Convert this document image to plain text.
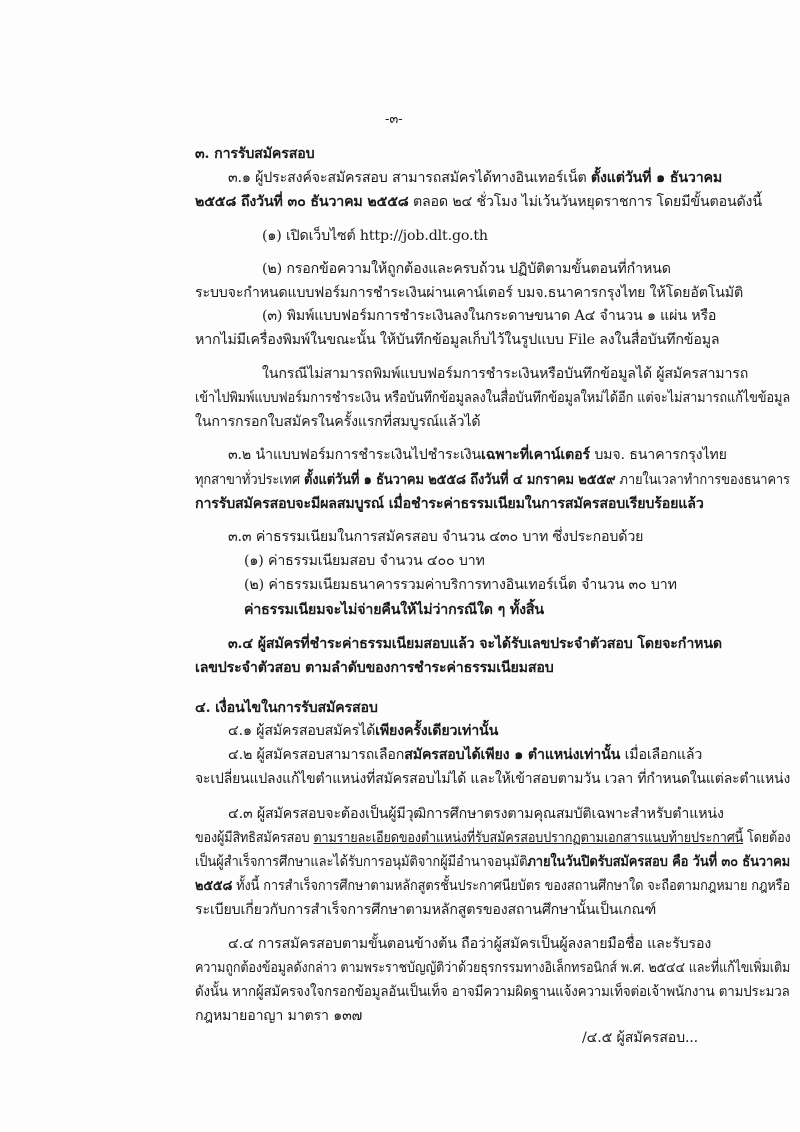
-๓-
๓. การรับสมัครสอบ
๓.๑ ผู้ประสงค์จะสมัครสอบ สามารถสมัครได้ทางอินเทอร์เน็ต ตั้งแต่วันที่ ๑ ธันวาคม
๒๕๕๘ ถึงวันที่ ๓๐ ธันวาคม ๒๕๕๘ ตลอด ๒๔ ชั่วโมง ไม่เว้นวันหยุดราชการ โดยมีขั้นตอนดังนี้
(๑) เปิดเว็บไซต์ http://job.dlt.go.th
(๒) กรอกข้อความให้ถูกต้องและครบถ้วน ปฏิบัติตามขั้นตอนที่กำหนด
ระบบจะกำหนดแบบฟอร์มการชำระเงินผ่านเคาน์เตอร์ บมจ.ธนาคารกรุงไทย ให้โดยอัตโนมัติ
(๓) พิมพ์แบบฟอร์มการชำระเงินลงในกระดาษขนาด A๔ จำนวน ๑ แผ่น หรือ
หากไม่มีเครื่องพิมพ์ในขณะนั้น ให้บันทึกข้อมูลเก็บไว้ในรูปแบบ File ลงในสื่อบันทึกข้อมูล
ในกรณีไม่สามารถพิมพ์แบบฟอร์มการชำระเงินหรือบันทึกข้อมูลได้ ผู้สมัครสามารถ
เข้าไปพิมพ์แบบฟอร์มการชำระเงิน หรือบันทึกข้อมูลลงในสื่อบันทึกข้อมูลใหม่ได้อีก แต่จะไม่สามารถแก้ไขข้อมูล
ในการกรอกใบสมัครในครั้งแรกที่สมบูรณ์แล้วได้
๓.๒ นำแบบฟอร์มการชำระเงินไปชำระเงินเฉพาะที่เคาน์เตอร์ บมจ. ธนาคารกรุงไทย
ทุกสาขาทั่วประเทศ ตั้งแต่วันที่ ๑ ธันวาคม ๒๕๕๘ ถึงวันที่ ๔ มกราคม ๒๕๕๙ ภายในเวลาทำการของธนาคาร
การรับสมัครสอบจะมีผลสมบูรณ์ เมื่อชำระค่าธรรมเนียมในการสมัครสอบเรียบร้อยแล้ว
๓.๓ ค่าธรรมเนียมในการสมัครสอบ จำนวน ๔๓๐ บาท ซึ่งประกอบด้วย
(๑) ค่าธรรมเนียมสอบ จำนวน ๔๐๐ บาท
(๒) ค่าธรรมเนียมธนาคารรวมค่าบริการทางอินเทอร์เน็ต จำนวน ๓๐ บาท
ค่าธรรมเนียมจะไม่จ่ายคืนให้ไม่ว่ากรณีใด ๆ ทั้งสิ้น
๓.๔ ผู้สมัครที่ชำระค่าธรรมเนียมสอบแล้ว จะได้รับเลขประจำตัวสอบ โดยจะกำหนด
เลขประจำตัวสอบ ตามลำดับของการชำระค่าธรรมเนียมสอบ
๔. เงื่อนไขในการรับสมัครสอบ
๔.๑ ผู้สมัครสอบสมัครได้เพียงครั้งเดียวเท่านั้น
๔.๒ ผู้สมัครสอบสามารถเลือกสมัครสอบได้เพียง ๑ ตำแหน่งเท่านั้น เมื่อเลือกแล้ว
จะเปลี่ยนแปลงแก้ไขตำแหน่งที่สมัครสอบไม่ได้ และให้เข้าสอบตามวัน เวลา ที่กำหนดในแต่ละตำแหน่ง
๔.๓ ผู้สมัครสอบจะต้องเป็นผู้มีวุฒิการศึกษาตรงตามคุณสมบัติเฉพาะสำหรับตำแหน่ง
ของผู้มีสิทธิสมัครสอบ ตามรายละเอียดของตำแหน่งที่รับสมัครสอบปรากฏตามเอกสารแนบท้ายประกาศนี้ โดยต้อง
เป็นผู้สำเร็จการศึกษาและได้รับการอนุมัติจากผู้มีอำนาจอนุมัติภายในวันปิดรับสมัครสอบ คือ วันที่ ๓๐ ธันวาคม
๒๕๕๘ ทั้งนี้ การสำเร็จการศึกษาตามหลักสูตรชั้นประกาศนียบัตร ของสถานศึกษาใด จะถือตามกฎหมาย กฎหรือ
ระเบียบเกี่ยวกับการสำเร็จการศึกษาตามหลักสูตรของสถานศึกษานั้นเป็นเกณฑ์
๔.๔ การสมัครสอบตามขั้นตอนข้างต้น ถือว่าผู้สมัครเป็นผู้ลงลายมือชื่อ และรับรอง
ความถูกต้องข้อมูลดังกล่าว ตามพระราชบัญญัติว่าด้วยธุรกรรมทางอิเล็กทรอนิกส์ พ.ศ. ๒๕๔๔ และที่แก้ไขเพิ่มเติม
ดังนั้น หากผู้สมัครจงใจกรอกข้อมูลอันเป็นเท็จ อาจมีความผิดฐานแจ้งความเท็จต่อเจ้าพนักงาน ตามประมวล
กฎหมายอาญา มาตรา ๑๓๗
/๔.๕ ผู้สมัครสอบ...
